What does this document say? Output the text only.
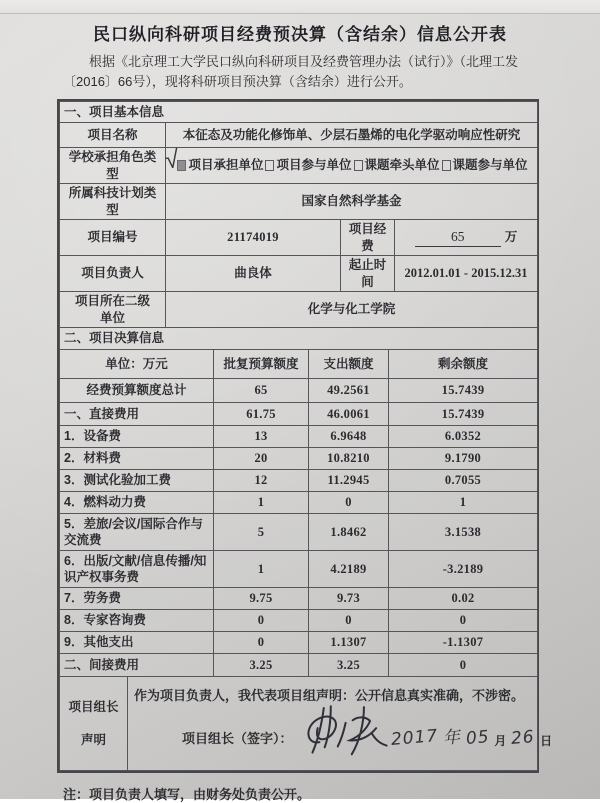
民口纵向科研项目经费预决算（含结余）信息公开表

根据《北京理工大学民口纵向科研项目及经费管理办法（试行）》（北理工发〔2016〕66号），现将科研项目预决算（含结余）进行公开。

一、项目基本信息			
项目名称	本征态及功能化修饰单、少层石墨烯的电化学驱动响应性研究		
学校承担角色类型	√ 项目承担单位 项目参与单位 课题牵头单位 课题参与单位		

所属科技计划类型	国家自然科学基金		
项目编号	21174019	项目经费	65 万
项目负责人	曲良体	起止时间	2012.01.01 - 2015.12.31

项目所在二级
单位	化学与化工学院		
二、项目决算信息			
单位：万元	批复预算额度	支出额度	剩余额度
经费预算额度总计	65	49.2561	15.7439
一、直接费用	61.75	46.0061	15.7439
1．设备费	13	6.9648	6.0352
2．材料费	20	10.8210	9.1790
3．测试化验加工费	12	11.2945	0.7055
4．燃料动力费	1	0	1
5．差旅/会议/国际合作与交流费	5	1.8462	3.1538
6．出版/文献/信息传播/知识产权事务费	1	4.2189	-3.2189
7．劳务费	9.75	9.73	0.02
8．专家咨询费	0	0	0
9．其他支出	0	1.1307	-1.1307
二、间接费用	3.25	3.25	0
项目组长
声明

作为项目负责人，我代表项目组声明：公开信息真实准确，不涉密。
项目组长（签字）：	2017 年 05 月 26 日

注：项目负责人填写，由财务处负责公开。
